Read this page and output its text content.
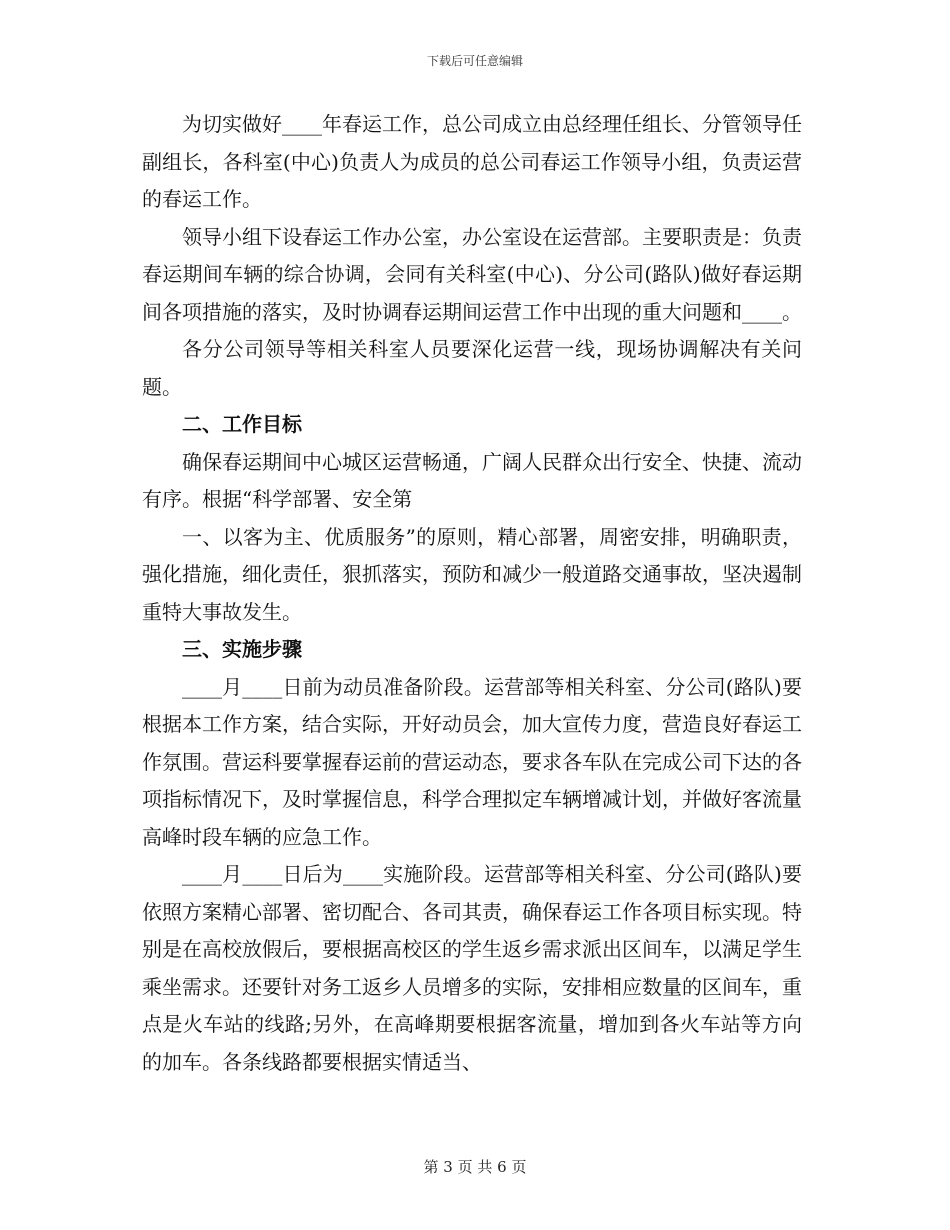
下载后可任意编辑

为切实做好____年春运工作，总公司成立由总经理任组长、分管领导任副组长，各科室(中心)负责人为成员的总公司春运工作领导小组，负责运营的春运工作。

领导小组下设春运工作办公室，办公室设在运营部。主要职责是：负责春运期间车辆的综合协调，会同有关科室(中心)、分公司(路队)做好春运期间各项措施的落实，及时协调春运期间运营工作中出现的重大问题和____。

各分公司领导等相关科室人员要深化运营一线，现场协调解决有关问题。

二、工作目标

确保春运期间中心城区运营畅通，广阔人民群众出行安全、快捷、流动有序。根据“科学部署、安全第

一、以客为主、优质服务”的原则，精心部署，周密安排，明确职责，强化措施，细化责任，狠抓落实，预防和减少一般道路交通事故，坚决遏制重特大事故发生。

三、实施步骤

____月____日前为动员准备阶段。运营部等相关科室、分公司(路队)要根据本工作方案，结合实际，开好动员会，加大宣传力度，营造良好春运工作氛围。营运科要掌握春运前的营运动态，要求各车队在完成公司下达的各项指标情况下，及时掌握信息，科学合理拟定车辆增减计划，并做好客流量高峰时段车辆的应急工作。

____月____日后为____实施阶段。运营部等相关科室、分公司(路队)要依照方案精心部署、密切配合、各司其责，确保春运工作各项目标实现。特别是在高校放假后，要根据高校区的学生返乡需求派出区间车，以满足学生乘坐需求。还要针对务工返乡人员增多的实际，安排相应数量的区间车，重点是火车站的线路;另外，在高峰期要根据客流量，增加到各火车站等方向的加车。各条线路都要根据实情适当、

第 3 页 共 6 页
